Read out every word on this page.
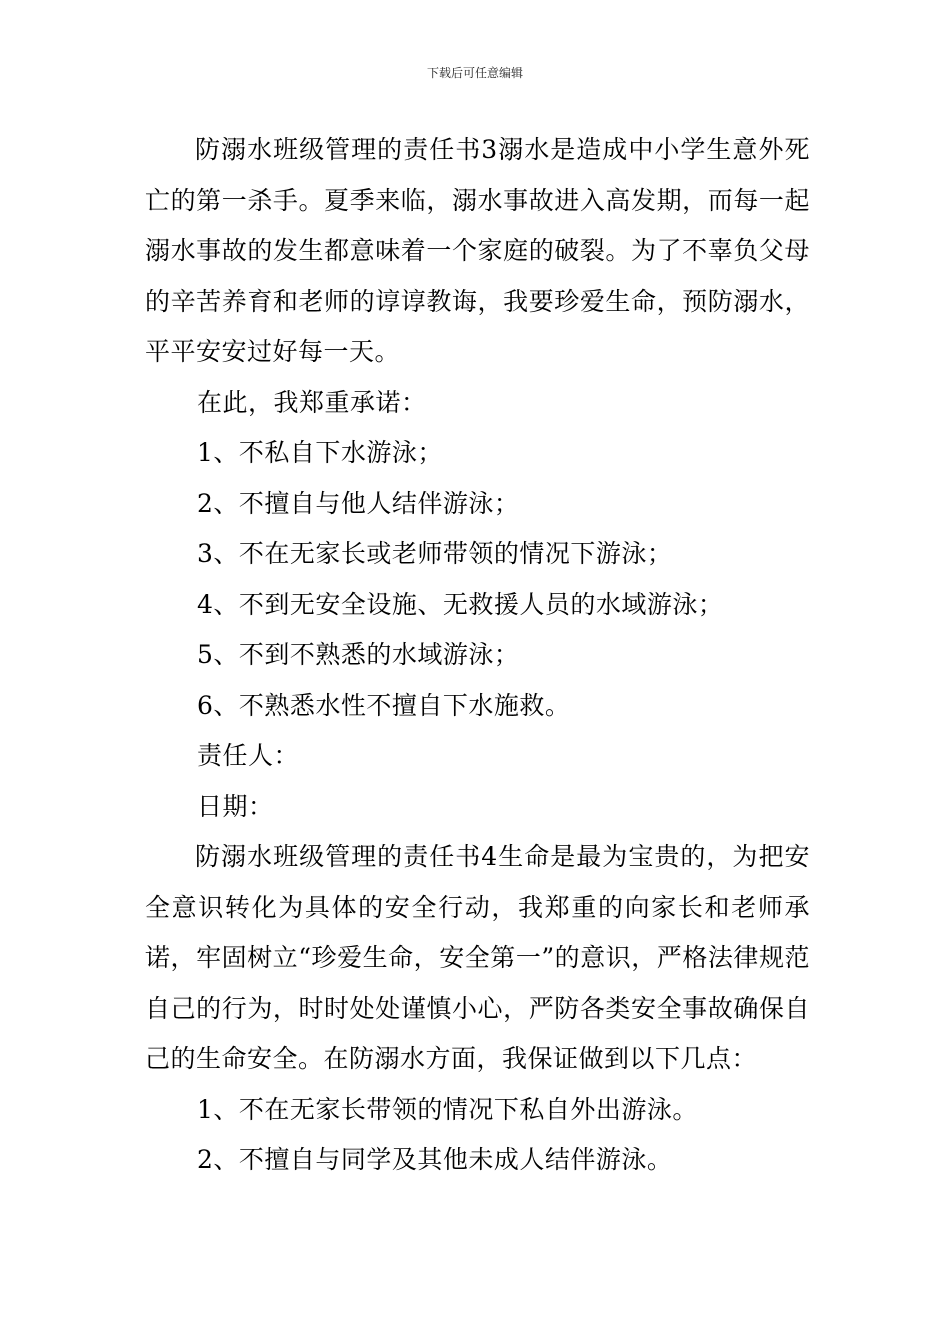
下载后可任意编辑

防溺水班级管理的责任书3溺水是造成中小学生意外死亡的第一杀手。夏季来临，溺水事故进入高发期，而每一起溺水事故的发生都意味着一个家庭的破裂。为了不辜负父母的辛苦养育和老师的谆谆教诲，我要珍爱生命，预防溺水，平平安安过好每一天。

在此，我郑重承诺：

1、不私自下水游泳；

2、不擅自与他人结伴游泳；

3、不在无家长或老师带领的情况下游泳；

4、不到无安全设施、无救援人员的水域游泳；

5、不到不熟悉的水域游泳；

6、不熟悉水性不擅自下水施救。

责任人：

日期：

防溺水班级管理的责任书4生命是最为宝贵的，为把安全意识转化为具体的安全行动，我郑重的向家长和老师承诺，牢固树立“珍爱生命，安全第一”的意识，严格法律规范自己的行为，时时处处谨慎小心，严防各类安全事故确保自己的生命安全。在防溺水方面，我保证做到以下几点：

1、不在无家长带领的情况下私自外出游泳。

2、不擅自与同学及其他未成人结伴游泳。
